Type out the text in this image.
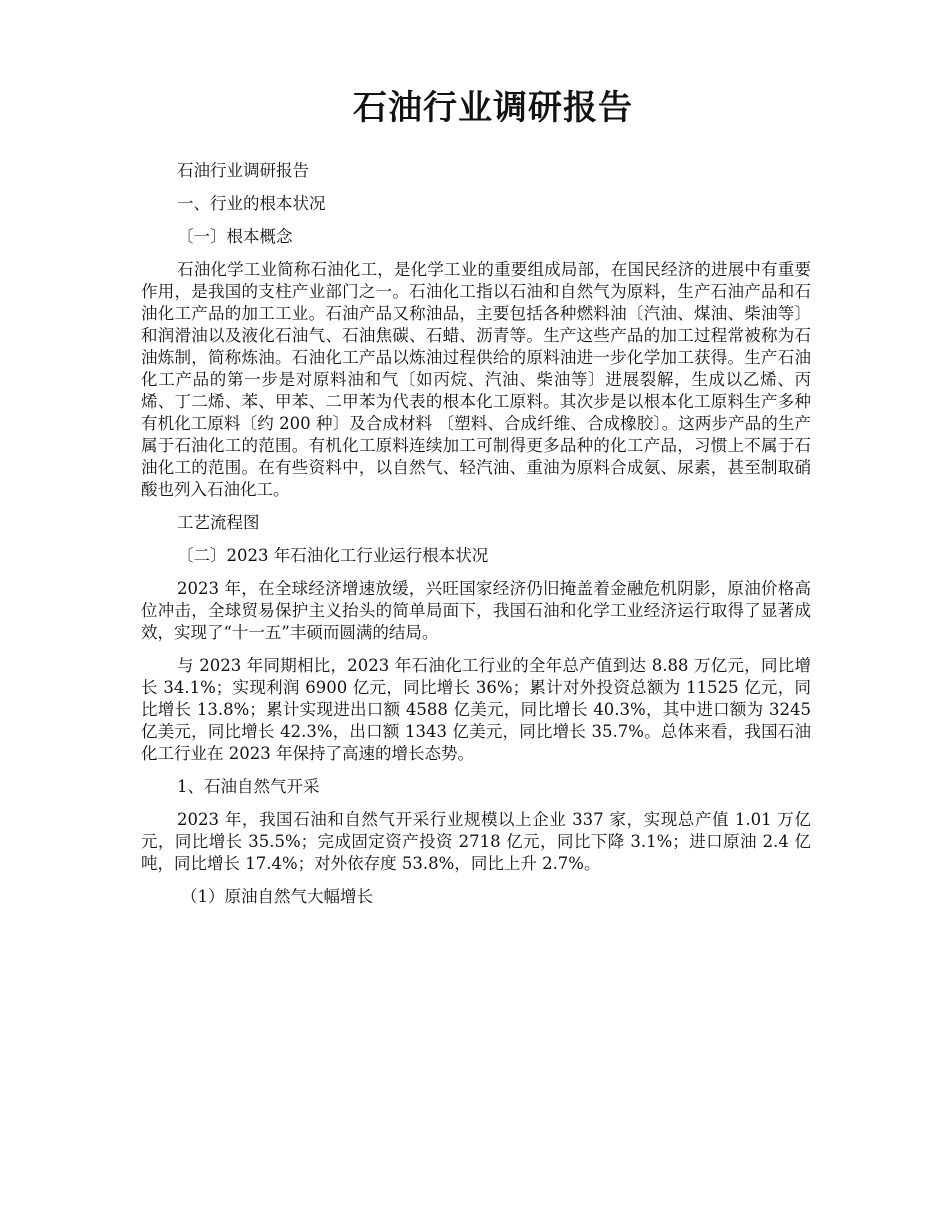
石油行业调研报告

石油行业调研报告

一、行业的根本状况

〔一〕根本概念

石油化学工业简称石油化工，是化学工业的重要组成局部，在国民经济的进展中有重要作用，是我国的支柱产业部门之一。石油化工指以石油和自然气为原料，生产石油产品和石油化工产品的加工工业。石油产品又称油品，主要包括各种燃料油〔汽油、煤油、柴油等〕和润滑油以及液化石油气、石油焦碳、石蜡、沥青等。生产这些产品的加工过程常被称为石油炼制，简称炼油。石油化工产品以炼油过程供给的原料油进一步化学加工获得。生产石油化工产品的第一步是对原料油和气〔如丙烷、汽油、柴油等〕进展裂解，生成以乙烯、丙烯、丁二烯、苯、甲苯、二甲苯为代表的根本化工原料。其次步是以根本化工原料生产多种有机化工原料〔约 200 种〕及合成材料 〔塑料、合成纤维、合成橡胶〕。这两步产品的生产属于石油化工的范围。有机化工原料连续加工可制得更多品种的化工产品，习惯上不属于石油化工的范围。在有些资料中，以自然气、轻汽油、重油为原料合成氨、尿素，甚至制取硝酸也列入石油化工。

工艺流程图

〔二〕2023 年石油化工行业运行根本状况

2023 年，在全球经济增速放缓，兴旺国家经济仍旧掩盖着金融危机阴影，原油价格高位冲击，全球贸易保护主义抬头的简单局面下，我国石油和化学工业经济运行取得了显著成效，实现了“十一五”丰硕而圆满的结局。

与 2023 年同期相比，2023 年石油化工行业的全年总产值到达 8.88 万亿元，同比增长 34.1%；实现利润 6900 亿元，同比增长 36%；累计对外投资总额为 11525 亿元，同比增长 13.8%；累计实现进出口额 4588 亿美元，同比增长 40.3%，其中进口额为 3245 亿美元，同比增长 42.3%，出口额 1343 亿美元，同比增长 35.7%。总体来看，我国石油化工行业在 2023 年保持了高速的增长态势。

1、石油自然气开采

2023 年，我国石油和自然气开采行业规模以上企业 337 家，实现总产值 1.01 万亿元，同比增长 35.5%；完成固定资产投资 2718 亿元，同比下降 3.1%；进口原油 2.4 亿吨，同比增长 17.4%；对外依存度 53.8%，同比上升 2.7%。

（1）原油自然气大幅增长
